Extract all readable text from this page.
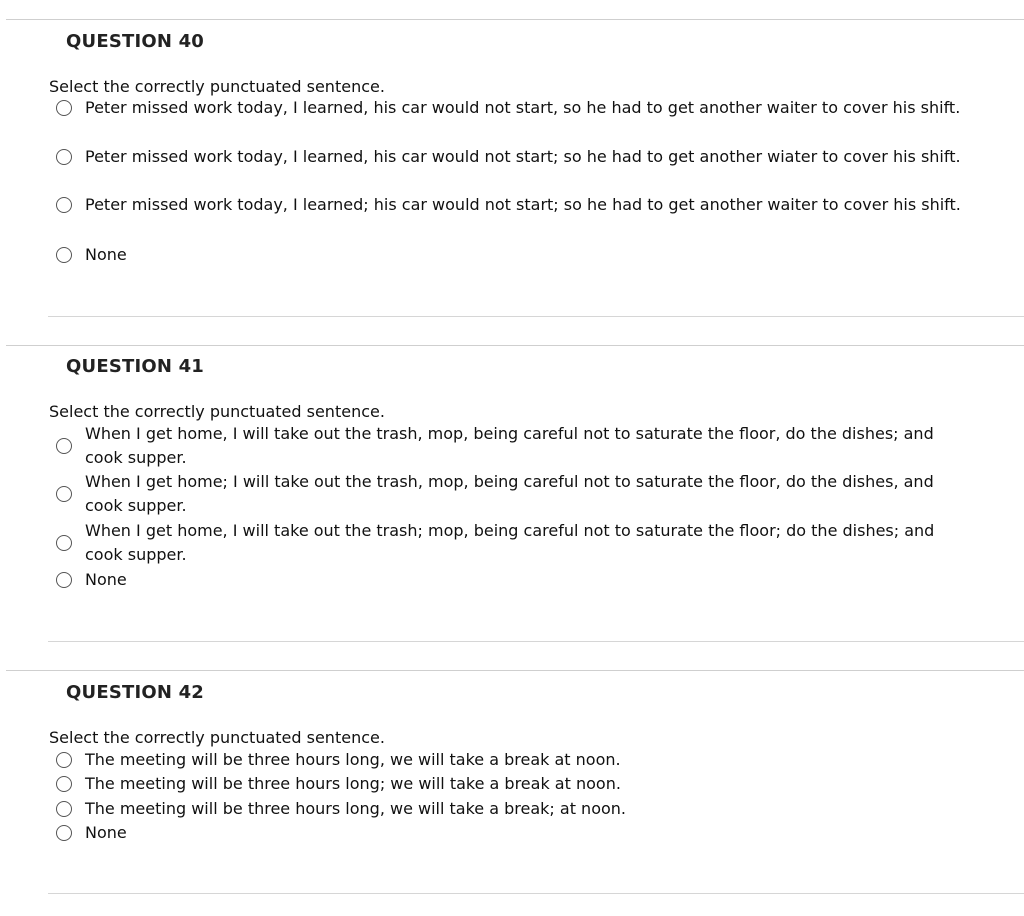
QUESTION 40
Select the correctly punctuated sentence.
Peter missed work today, I learned, his car would not start, so he had to get another waiter to cover his shift.
Peter missed work today, I learned, his car would not start; so he had to get another wiater to cover his shift.
Peter missed work today, I learned; his car would not start; so he had to get another waiter to cover his shift.
None
QUESTION 41
Select the correctly punctuated sentence.
When I get home, I will take out the trash, mop, being careful not to saturate the floor, do the dishes; and cook supper.
When I get home; I will take out the trash, mop, being careful not to saturate the floor, do the dishes, and cook supper.
When I get home, I will take out the trash; mop, being careful not to saturate the floor; do the dishes; and cook supper.
None
QUESTION 42
Select the correctly punctuated sentence.
The meeting will be three hours long, we will take a break at noon.
The meeting will be three hours long; we will take a break at noon.
The meeting will be three hours long, we will take a break; at noon.
None
